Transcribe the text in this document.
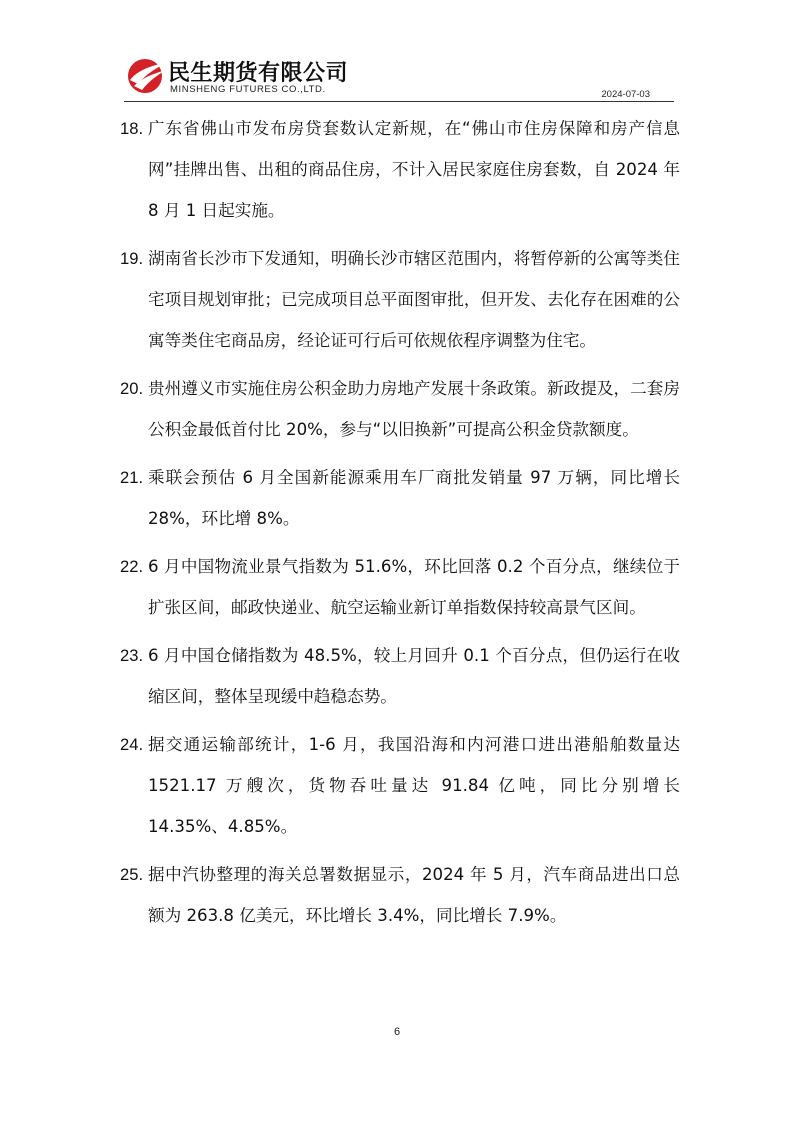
民生期货有限公司
MINSHENG FUTURES CO.,LTD.	2024-07-03
18. 广东省佛山市发布房贷套数认定新规，在“佛山市住房保障和房产信息网”挂牌出售、出租的商品住房，不计入居民家庭住房套数，自 2024 年 8 月 1 日起实施。
19. 湖南省长沙市下发通知，明确长沙市辖区范围内，将暂停新的公寓等类住宅项目规划审批；已完成项目总平面图审批，但开发、去化存在困难的公寓等类住宅商品房，经论证可行后可依规依程序调整为住宅。
20. 贵州遵义市实施住房公积金助力房地产发展十条政策。新政提及，二套房公积金最低首付比 20%，参与“以旧换新”可提高公积金贷款额度。
21. 乘联会预估 6 月全国新能源乘用车厂商批发销量 97 万辆，同比增长 28%，环比增 8%。
22. 6 月中国物流业景气指数为 51.6%，环比回落 0.2 个百分点，继续位于扩张区间，邮政快递业、航空运输业新订单指数保持较高景气区间。
23. 6 月中国仓储指数为 48.5%，较上月回升 0.1 个百分点，但仍运行在收缩区间，整体呈现缓中趋稳态势。
24. 据交通运输部统计，1-6 月，我国沿海和内河港口进出港船舶数量达 1521.17 万艘次，货物吞吐量达 91.84 亿吨，同比分别增长 14.35%、4.85%。
25. 据中汽协整理的海关总署数据显示，2024 年 5 月，汽车商品进出口总额为 263.8 亿美元，环比增长 3.4%，同比增长 7.9%。
6
